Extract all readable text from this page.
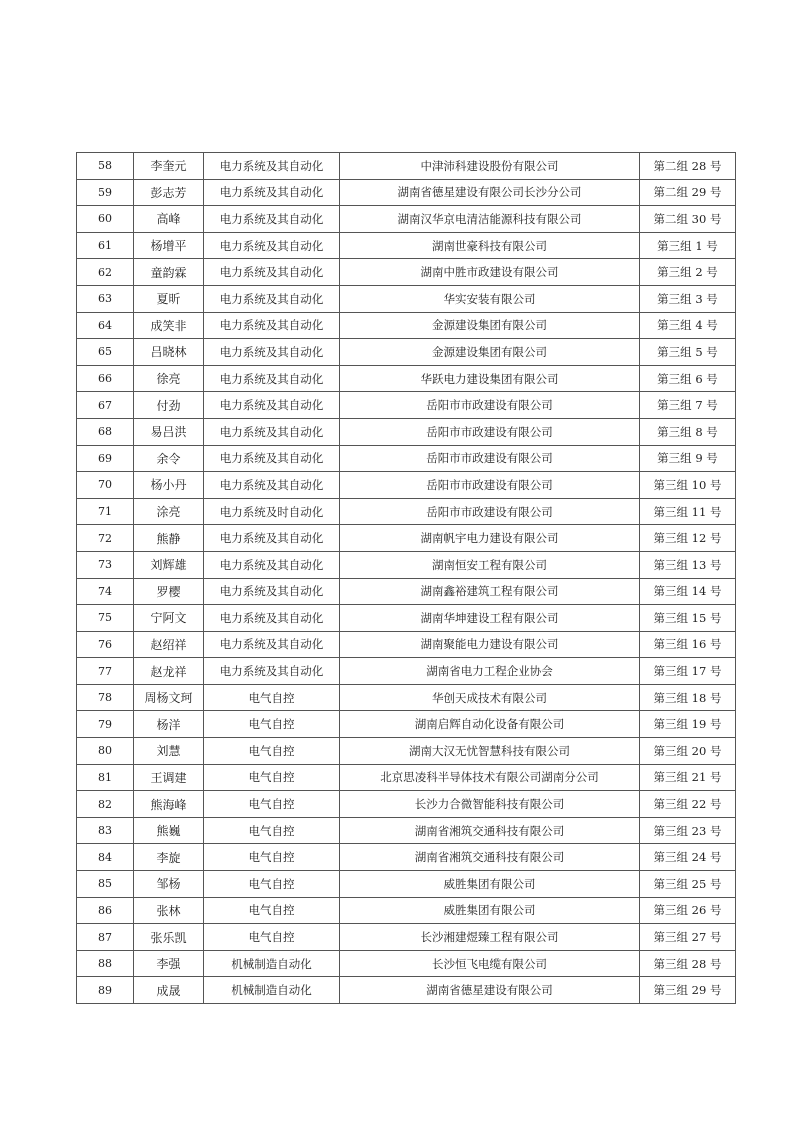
58	李奎元	电力系统及其自动化	中津沛科建设股份有限公司	第二组 28 号
59	彭志芳	电力系统及其自动化	湖南省德星建设有限公司长沙分公司	第二组 29 号
60	高峰	电力系统及其自动化	湖南汉华京电清洁能源科技有限公司	第二组 30 号
61	杨增平	电力系统及其自动化	湖南世豪科技有限公司	第三组 1 号
62	童韵霖	电力系统及其自动化	湖南中胜市政建设有限公司	第三组 2 号
63	夏昕	电力系统及其自动化	华实安装有限公司	第三组 3 号
64	成笑非	电力系统及其自动化	金源建设集团有限公司	第三组 4 号
65	吕晓林	电力系统及其自动化	金源建设集团有限公司	第三组 5 号
66	徐亮	电力系统及其自动化	华跃电力建设集团有限公司	第三组 6 号
67	付劲	电力系统及其自动化	岳阳市市政建设有限公司	第三组 7 号
68	易吕洪	电力系统及其自动化	岳阳市市政建设有限公司	第三组 8 号
69	余令	电力系统及其自动化	岳阳市市政建设有限公司	第三组 9 号
70	杨小丹	电力系统及其自动化	岳阳市市政建设有限公司	第三组 10 号
71	涂亮	电力系统及时自动化	岳阳市市政建设有限公司	第三组 11 号
72	熊静	电力系统及其自动化	湖南帆宇电力建设有限公司	第三组 12 号
73	刘辉雄	电力系统及其自动化	湖南恒安工程有限公司	第三组 13 号
74	罗樱	电力系统及其自动化	湖南鑫裕建筑工程有限公司	第三组 14 号
75	宁阿文	电力系统及其自动化	湖南华坤建设工程有限公司	第三组 15 号
76	赵绍祥	电力系统及其自动化	湖南聚能电力建设有限公司	第三组 16 号
77	赵龙祥	电力系统及其自动化	湖南省电力工程企业协会	第三组 17 号
78	周杨文珂	电气自控	华创天成技术有限公司	第三组 18 号
79	杨洋	电气自控	湖南启辉自动化设备有限公司	第三组 19 号
80	刘慧	电气自控	湖南大汉无忧智慧科技有限公司	第三组 20 号
81	王调建	电气自控	北京思凌科半导体技术有限公司湖南分公司	第三组 21 号
82	熊海峰	电气自控	长沙力合微智能科技有限公司	第三组 22 号
83	熊巍	电气自控	湖南省湘筑交通科技有限公司	第三组 23 号
84	李旋	电气自控	湖南省湘筑交通科技有限公司	第三组 24 号
85	邹杨	电气自控	威胜集团有限公司	第三组 25 号
86	张林	电气自控	威胜集团有限公司	第三组 26 号
87	张乐凯	电气自控	长沙湘建煜臻工程有限公司	第三组 27 号
88	李强	机械制造自动化	长沙恒飞电缆有限公司	第三组 28 号
89	成晟	机械制造自动化	湖南省德星建设有限公司	第三组 29 号
